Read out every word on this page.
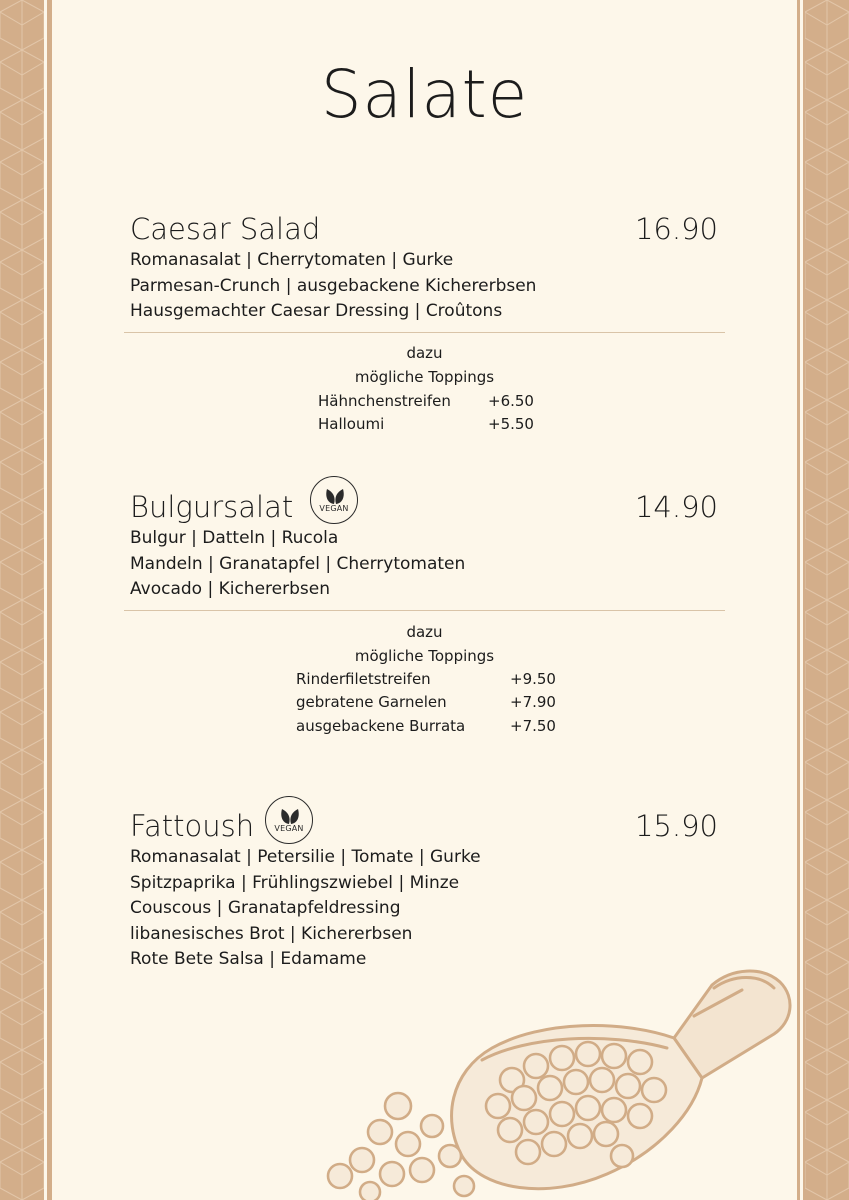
Salate
Caesar Salad	16.90
Romanasalat | Cherrytomaten | Gurke
Parmesan-Crunch | ausgebackene Kichererbsen
Hausgemachter Caesar Dressing | Croûtons
dazu
mögliche Toppings
Hähnchenstreifen +6.50
Halloumi	+5.50
Bulgursalat	VEGAN	14.90
Bulgur | Datteln | Rucola
Mandeln | Granatapfel | Cherrytomaten
Avocado | Kichererbsen
dazu
mögliche Toppings
Rinderfiletstreifen	+9.50
gebratene Garnelen	+7.90
ausgebackene Burrata	+7.50
Fattoush	VEGAN	15.90
Romanasalat | Petersilie | Tomate | Gurke
Spitzpaprika | Frühlingszwiebel | Minze
Couscous | Granatapfeldressing
libanesisches Brot | Kichererbsen
Rote Bete Salsa | Edamame
